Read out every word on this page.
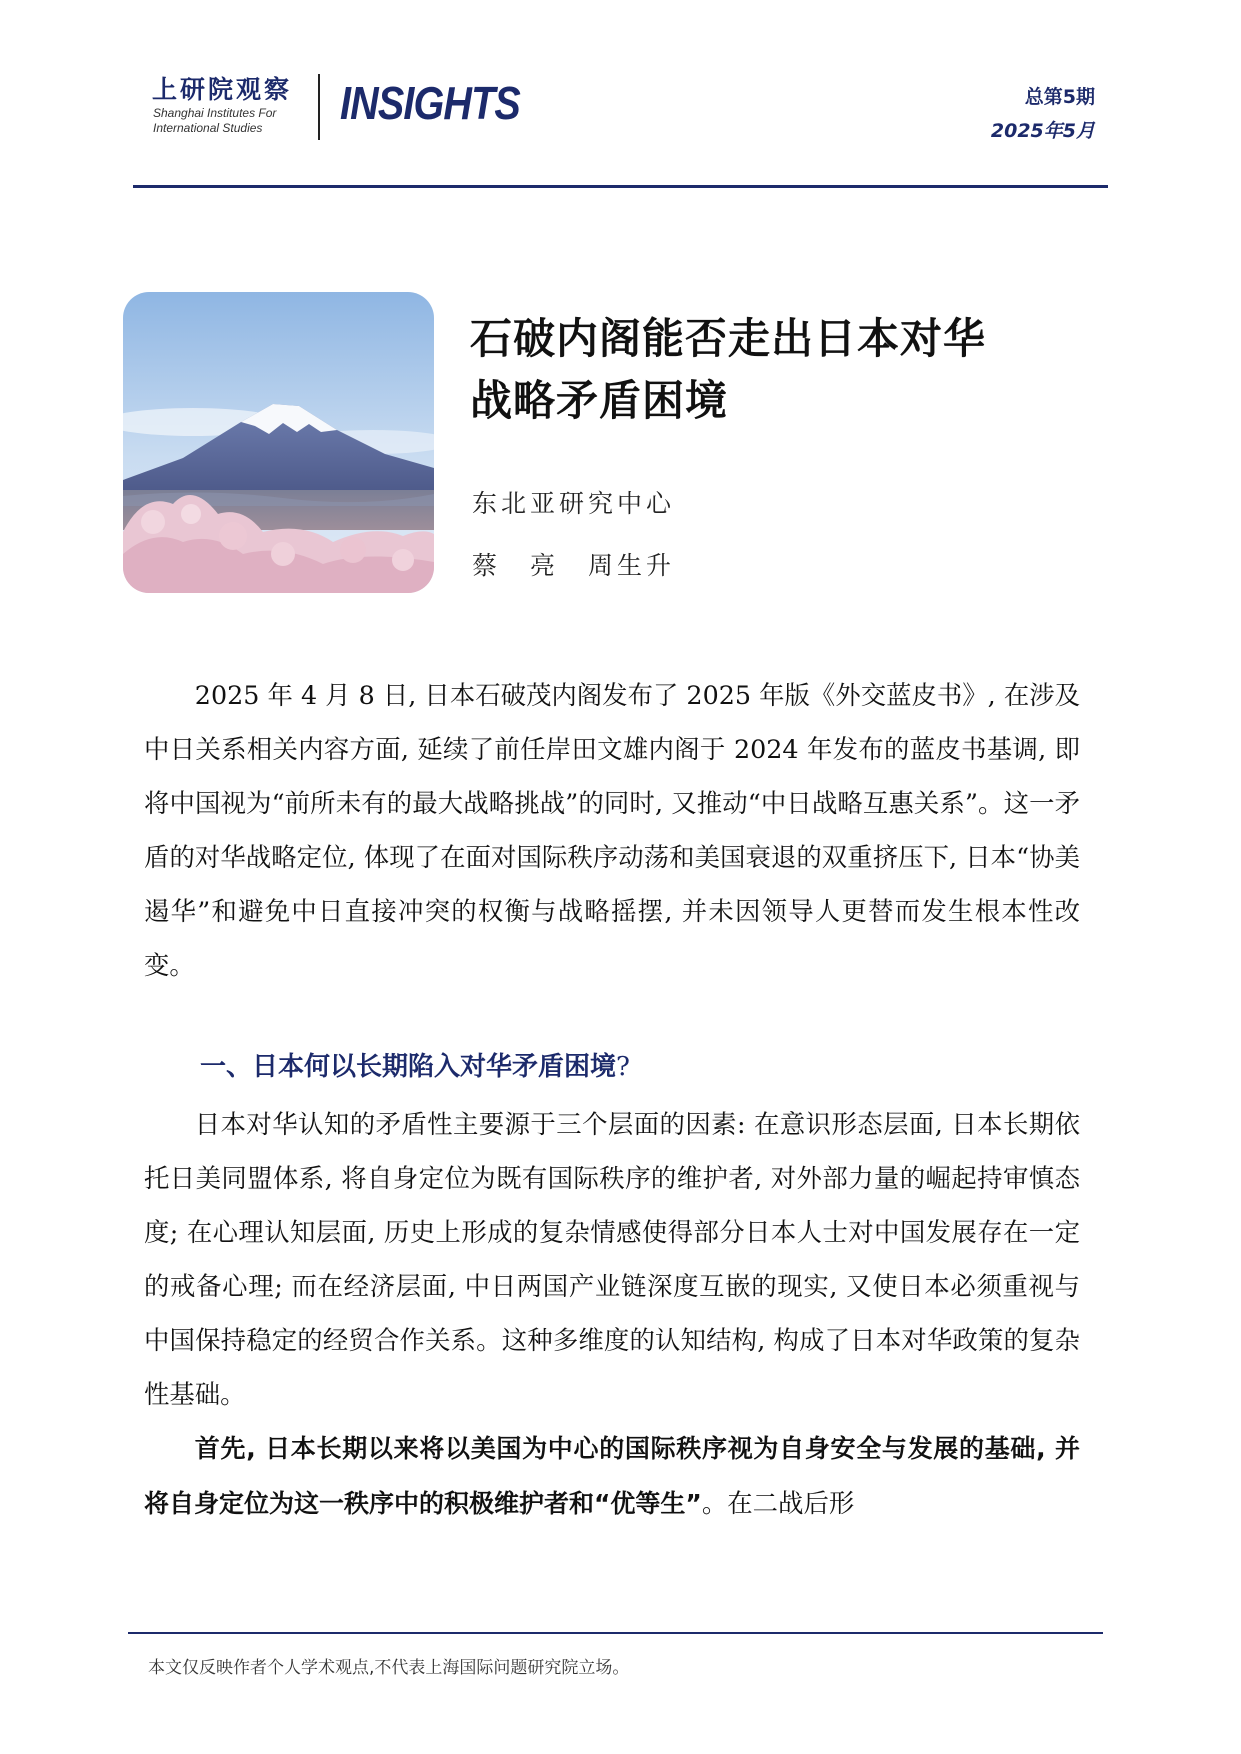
上研院观察
Shanghai Institutes For
International Studies	INSIGHTS	总第5期
2025年5月
石破内阁能否走出日本对华
战略矛盾困境
东北亚研究中心
蔡　亮　周生升

2025 年 4 月 8 日, 日本石破茂内阁发布了 2025 年版《外交蓝皮书》, 在涉及中日关系相关内容方面, 延续了前任岸田文雄内阁于 2024 年发布的蓝皮书基调, 即将中国视为“前所未有的最大战略挑战”的同时, 又推动“中日战略互惠关系”。这一矛盾的对华战略定位, 体现了在面对国际秩序动荡和美国衰退的双重挤压下, 日本“协美遏华”和避免中日直接冲突的权衡与战略摇摆, 并未因领导人更替而发生根本性改变。

一、日本何以长期陷入对华矛盾困境?

日本对华认知的矛盾性主要源于三个层面的因素: 在意识形态层面, 日本长期依托日美同盟体系, 将自身定位为既有国际秩序的维护者, 对外部力量的崛起持审慎态度; 在心理认知层面, 历史上形成的复杂情感使得部分日本人士对中国发展存在一定的戒备心理; 而在经济层面, 中日两国产业链深度互嵌的现实, 又使日本必须重视与中国保持稳定的经贸合作关系。这种多维度的认知结构, 构成了日本对华政策的复杂性基础。

首先, 日本长期以来将以美国为中心的国际秩序视为自身安全与发展的基础, 并将自身定位为这一秩序中的积极维护者和“优等生”。在二战后形

本文仅反映作者个人学术观点,不代表上海国际问题研究院立场。
